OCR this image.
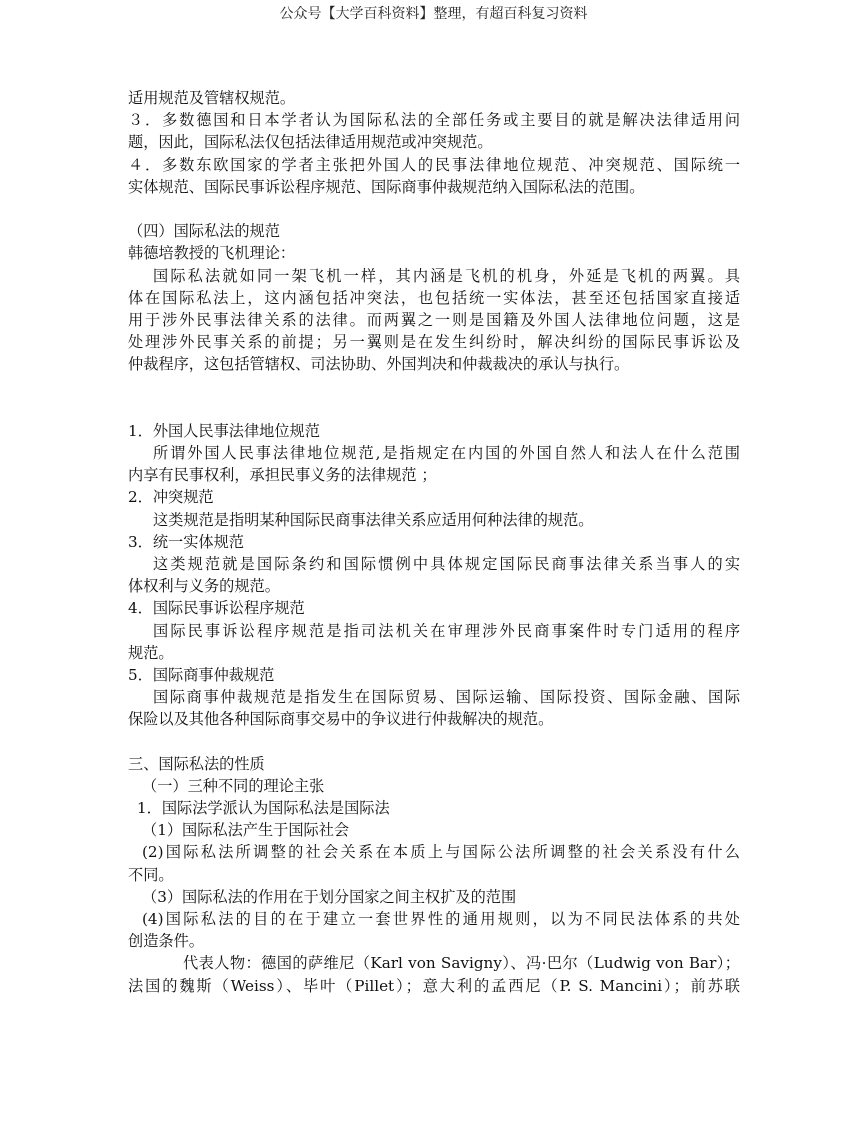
公众号【大学百科资料】整理，有超百科复习资料
适用规范及管辖权规范。
３．多数德国和日本学者认为国际私法的全部任务或主要目的就是解决法律适用问
题，因此，国际私法仅包括法律适用规范或冲突规范。
４．多数东欧国家的学者主张把外国人的民事法律地位规范、冲突规范、国际统一
实体规范、国际民事诉讼程序规范、国际商事仲裁规范纳入国际私法的范围。
（四）国际私法的规范
韩德培教授的飞机理论：
国际私法就如同一架飞机一样，其内涵是飞机的机身，外延是飞机的两翼。具
体在国际私法上，这内涵包括冲突法，也包括统一实体法，甚至还包括国家直接适
用于涉外民事法律关系的法律。而两翼之一则是国籍及外国人法律地位问题，这是
处理涉外民事关系的前提；另一翼则是在发生纠纷时，解决纠纷的国际民事诉讼及
仲裁程序，这包括管辖权、司法协助、外国判决和仲裁裁决的承认与执行。
1．外国人民事法律地位规范
所谓外国人民事法律地位规范,是指规定在内国的外国自然人和法人在什么范围
内享有民事权利，承担民事义务的法律规范 ；
2．冲突规范
这类规范是指明某种国际民商事法律关系应适用何种法律的规范。
3．统一实体规范
这类规范就是国际条约和国际惯例中具体规定国际民商事法律关系当事人的实
体权利与义务的规范。
4．国际民事诉讼程序规范
国际民事诉讼程序规范是指司法机关在审理涉外民商事案件时专门适用的程序
规范。
5．国际商事仲裁规范
国际商事仲裁规范是指发生在国际贸易、国际运输、国际投资、国际金融、国际
保险以及其他各种国际商事交易中的争议进行仲裁解决的规范。
三、国际私法的性质
（一）三种不同的理论主张
1．国际法学派认为国际私法是国际法
（1）国际私法产生于国际社会
(2)国际私法所调整的社会关系在本质上与国际公法所调整的社会关系没有什么
不同。
（3）国际私法的作用在于划分国家之间主权扩及的范围
(4)国际私法的目的在于建立一套世界性的通用规则，以为不同民法体系的共处
创造条件。
代表人物：德国的萨维尼（Karl von Savigny）、冯·巴尔（Ludwig von Bar）；
法国的魏斯（Weiss）、毕叶（Pillet）；意大利的孟西尼（P. S. Mancini）；前苏联
